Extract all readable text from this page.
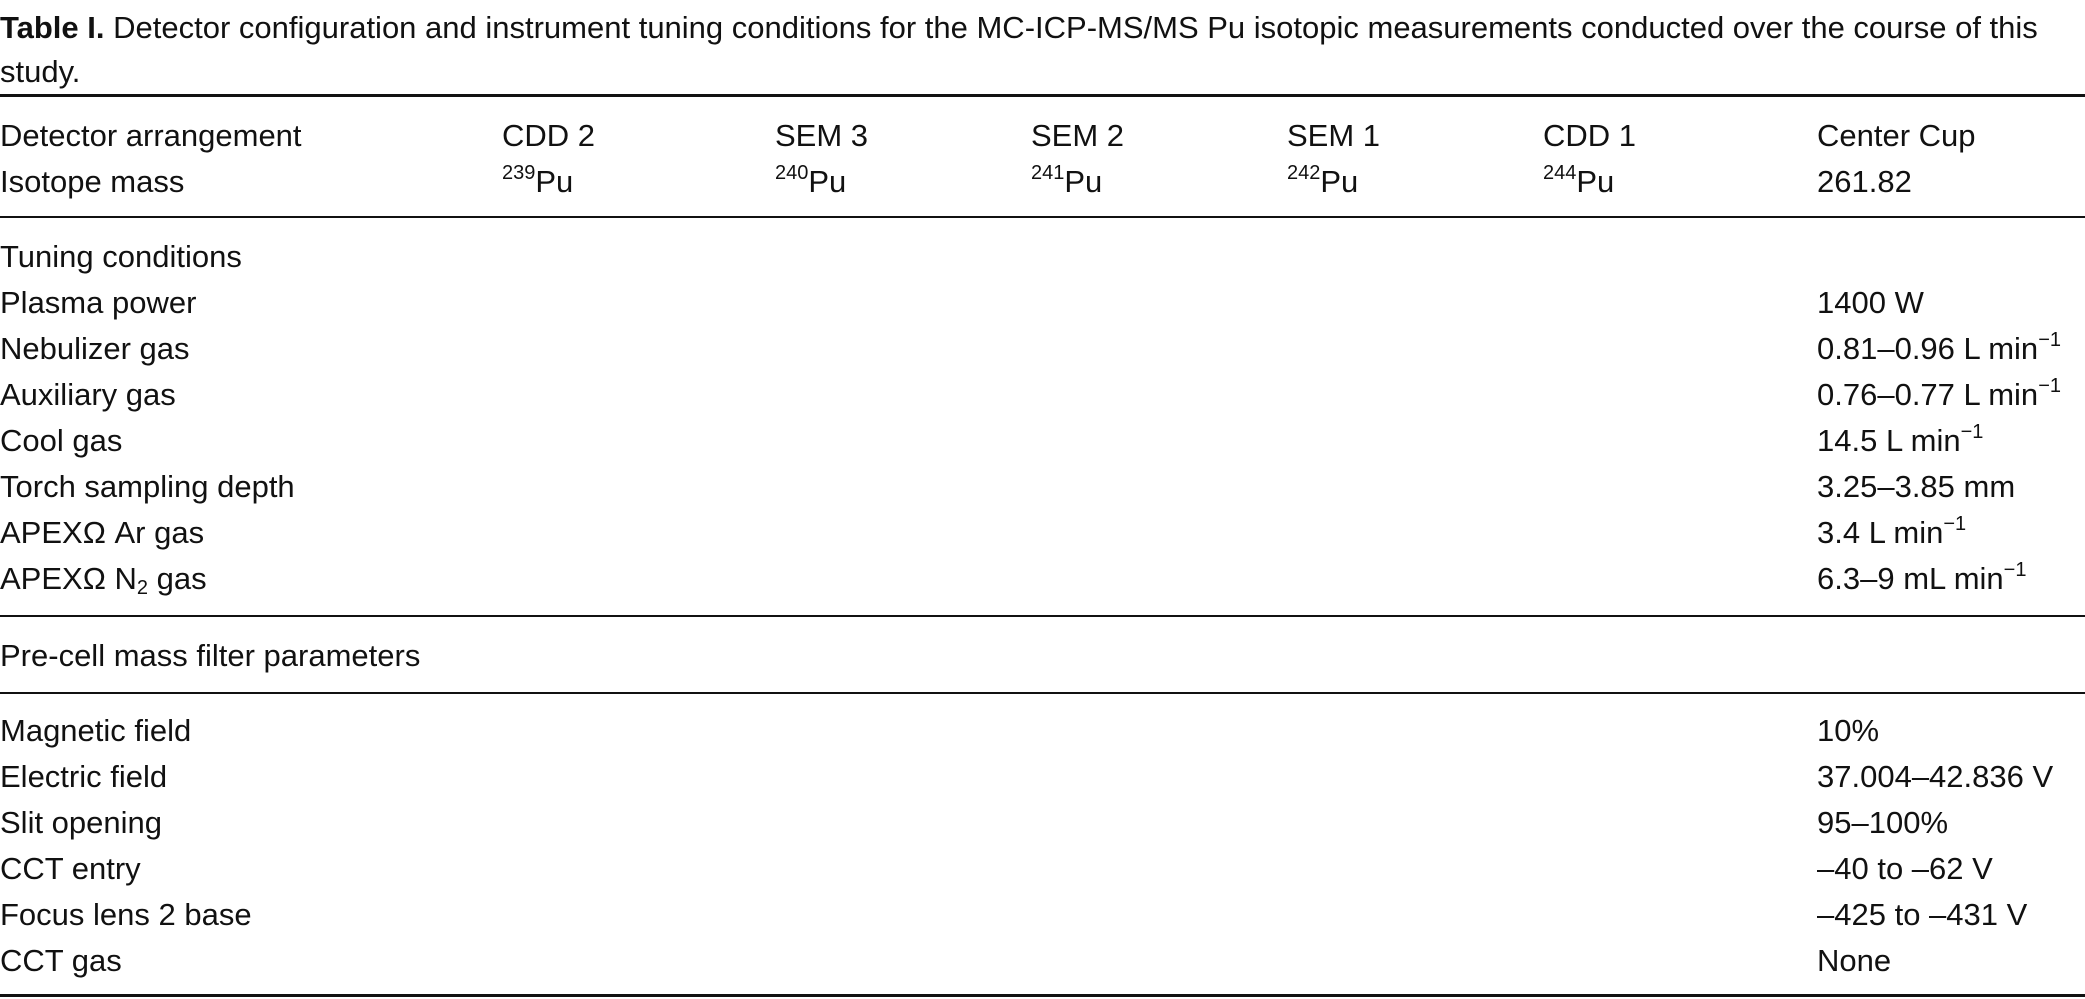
Table I. Detector configuration and instrument tuning conditions for the MC-ICP-MS/MS Pu isotopic measurements conducted over the course of this study.

Detector arrangement	CDD 2	SEM 3	SEM 2	SEM 1	CDD 1	Center Cup
Isotope mass	$^{239}$Pu	$^{240}$Pu	$^{241}$Pu	$^{242}$Pu	$^{244}$Pu	261.82
Tuning conditions
Plasma power	1400 W
Nebulizer gas	0.81–0.96 L $\min^{-1}$
Auxiliary gas	0.76–0.77 L $\min^{-1}$
Cool gas	14.5 L $\min^{-1}$
Torch sampling depth	3.25–3.85 mm
APEXΩ Ar gas	3.4 L $\min^{-1}$
APEXΩ $N_2$ gas	6.3–9 mL $\min^{-1}$
Pre-cell mass filter parameters
Magnetic field	10%
Electric field	37.004–42.836 V
Slit opening	95–100%
CCT entry	–40 to –62 V
Focus lens 2 base	–425 to –431 V
CCT gas	None
